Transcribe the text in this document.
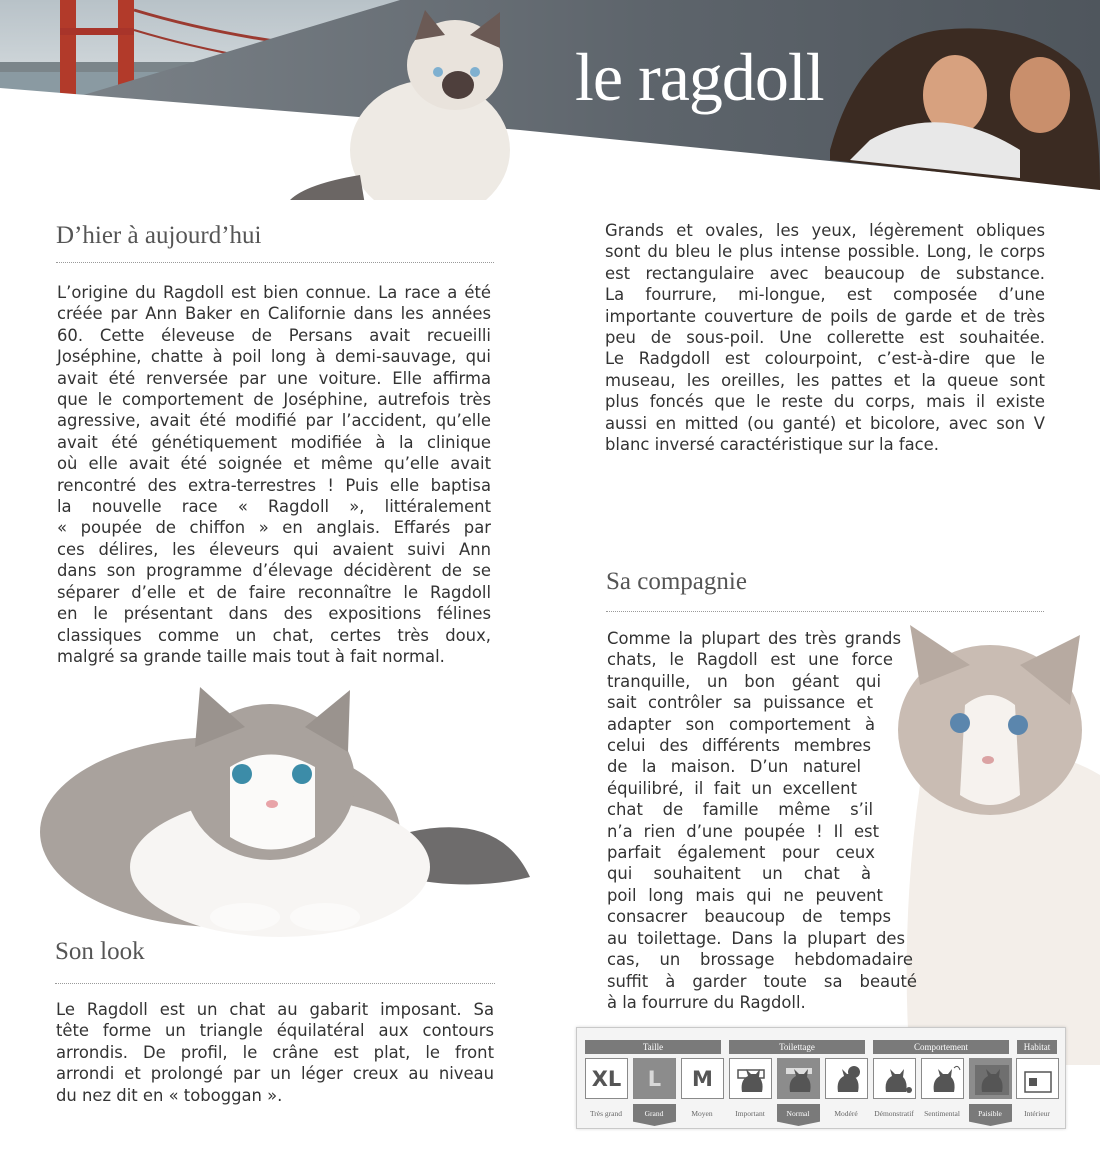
le ragdoll
D’hier à aujourd’hui
L’origine du Ragdoll est bien connue. La race a été
créée par Ann Baker en Californie dans les années
60. Cette éleveuse de Persans avait recueilli
Joséphine, chatte à poil long à demi-sauvage, qui
avait été renversée par une voiture. Elle affirma
que le comportement de Joséphine, autrefois très
agressive, avait été modifié par l’accident, qu’elle
avait été génétiquement modifiée à la clinique
où elle avait été soignée et même qu’elle avait
rencontré des extra-terrestres ! Puis elle baptisa
la nouvelle race « Ragdoll », littéralement
« poupée de chiffon » en anglais. Effarés par
ces délires, les éleveurs qui avaient suivi Ann
dans son programme d’élevage décidèrent de se
séparer d’elle et de faire reconnaître le Ragdoll
en le présentant dans des expositions félines
classiques comme un chat, certes très doux,
malgré sa grande taille mais tout à fait normal.
Son look
Le Ragdoll est un chat au gabarit imposant. Sa
tête forme un triangle équilatéral aux contours
arrondis. De profil, le crâne est plat, le front
arrondi et prolongé par un léger creux au niveau
du nez dit en « toboggan ».
Grands et ovales, les yeux, légèrement obliques
sont du bleu le plus intense possible. Long, le corps
est rectangulaire avec beaucoup de substance.
La fourrure, mi-longue, est composée d’une
importante couverture de poils de garde et de très
peu de sous-poil. Une collerette est souhaitée.
Le Radgdoll est colourpoint, c’est-à-dire que le
museau, les oreilles, les pattes et la queue sont
plus foncés que le reste du corps, mais il existe
aussi en mitted (ou ganté) et bicolore, avec son V
blanc inversé caractéristique sur la face.
Sa compagnie
Comme la plupart des très grands
chats, le Ragdoll est une force
tranquille, un bon géant qui
sait contrôler sa puissance et
adapter son comportement à
celui des différents membres
de la maison. D’un naturel
équilibré, il fait un excellent
chat de famille même s’il
n’a rien d’une poupée ! Il est
parfait également pour ceux
qui souhaitent un chat à
poil long mais qui ne peuvent
consacrer beaucoup de temps
au toilettage. Dans la plupart des
cas, un brossage hebdomadaire
suffit à garder toute sa beauté
à la fourrure du Ragdoll.
Taille
XL
Très grand
L
Grand
M
Moyen
Toilettage
Important	Normal	Modéré
Comportement
Démonstratif	Sentimental	Paisible
Habitat
Intérieur
